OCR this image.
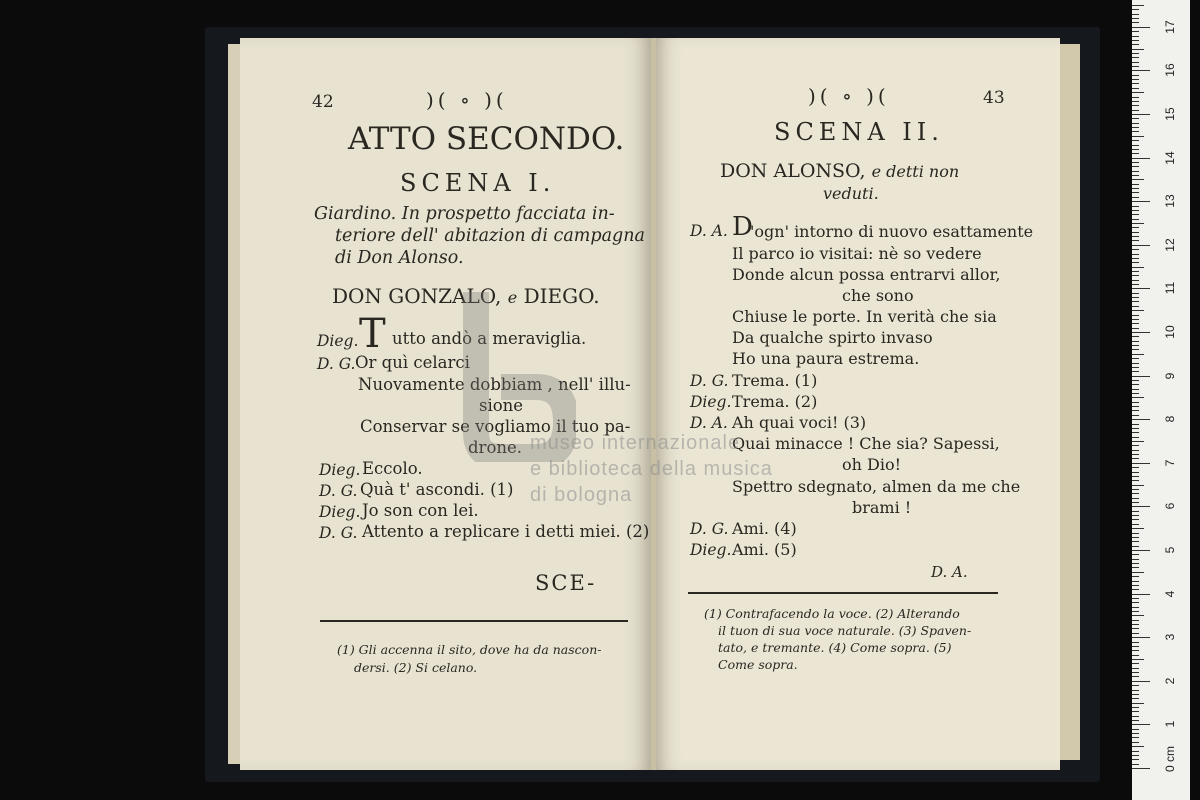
42	)( ∘ )(
ATTO SECONDO.
SCENA I.
Giardino. In prospetto facciata in-
teriore dell' abitazion di campagna
di Don Alonso.
DON GONZALO, e DIEGO.
Dieg. T utto andò a meraviglia.
D. G. Or quì celarci
Nuovamente dobbiam , nell' illu-
sione
Conservar se vogliamo il tuo pa-
drone.
Dieg. Eccolo.
D. G. Quà t' ascondi. (1)
Dieg. Jo son con lei.
D. G. Attento a replicare i detti miei. (2)
SCE-
(1) Gli accenna il sito, dove ha da nascon-
dersi. (2) Si celano.
)( ∘ )(	43
SCENA II.
DON ALONSO, e detti non
veduti.
D. A. D
'ogn' intorno di nuovo esattamente
Il parco io visitai: nè so vedere
Donde alcun possa entrarvi allor,
che sono
Chiuse le porte. In verità che sia
Da qualche spirto invaso
Ho una paura estrema.
D. G. Trema. (1)
Dieg. Trema. (2)
D. A. Ah quai voci! (3)
Quai minacce ! Che sia? Sapessi,
oh Dio!
Spettro sdegnato, almen da me che
brami !
D. G. Ami. (4)
Dieg. Ami. (5)
D. A.
(1) Contrafacendo la voce. (2) Alterando
il tuon di sua voce naturale. (3) Spaven-
tato, e tremante. (4) Come sopra. (5)
Come sopra.
museo internazionale
e biblioteca della musica
di bologna
1
2
3
4
5
6
7
8
9
10
11
12
13
14
15
16
17
0 cm
